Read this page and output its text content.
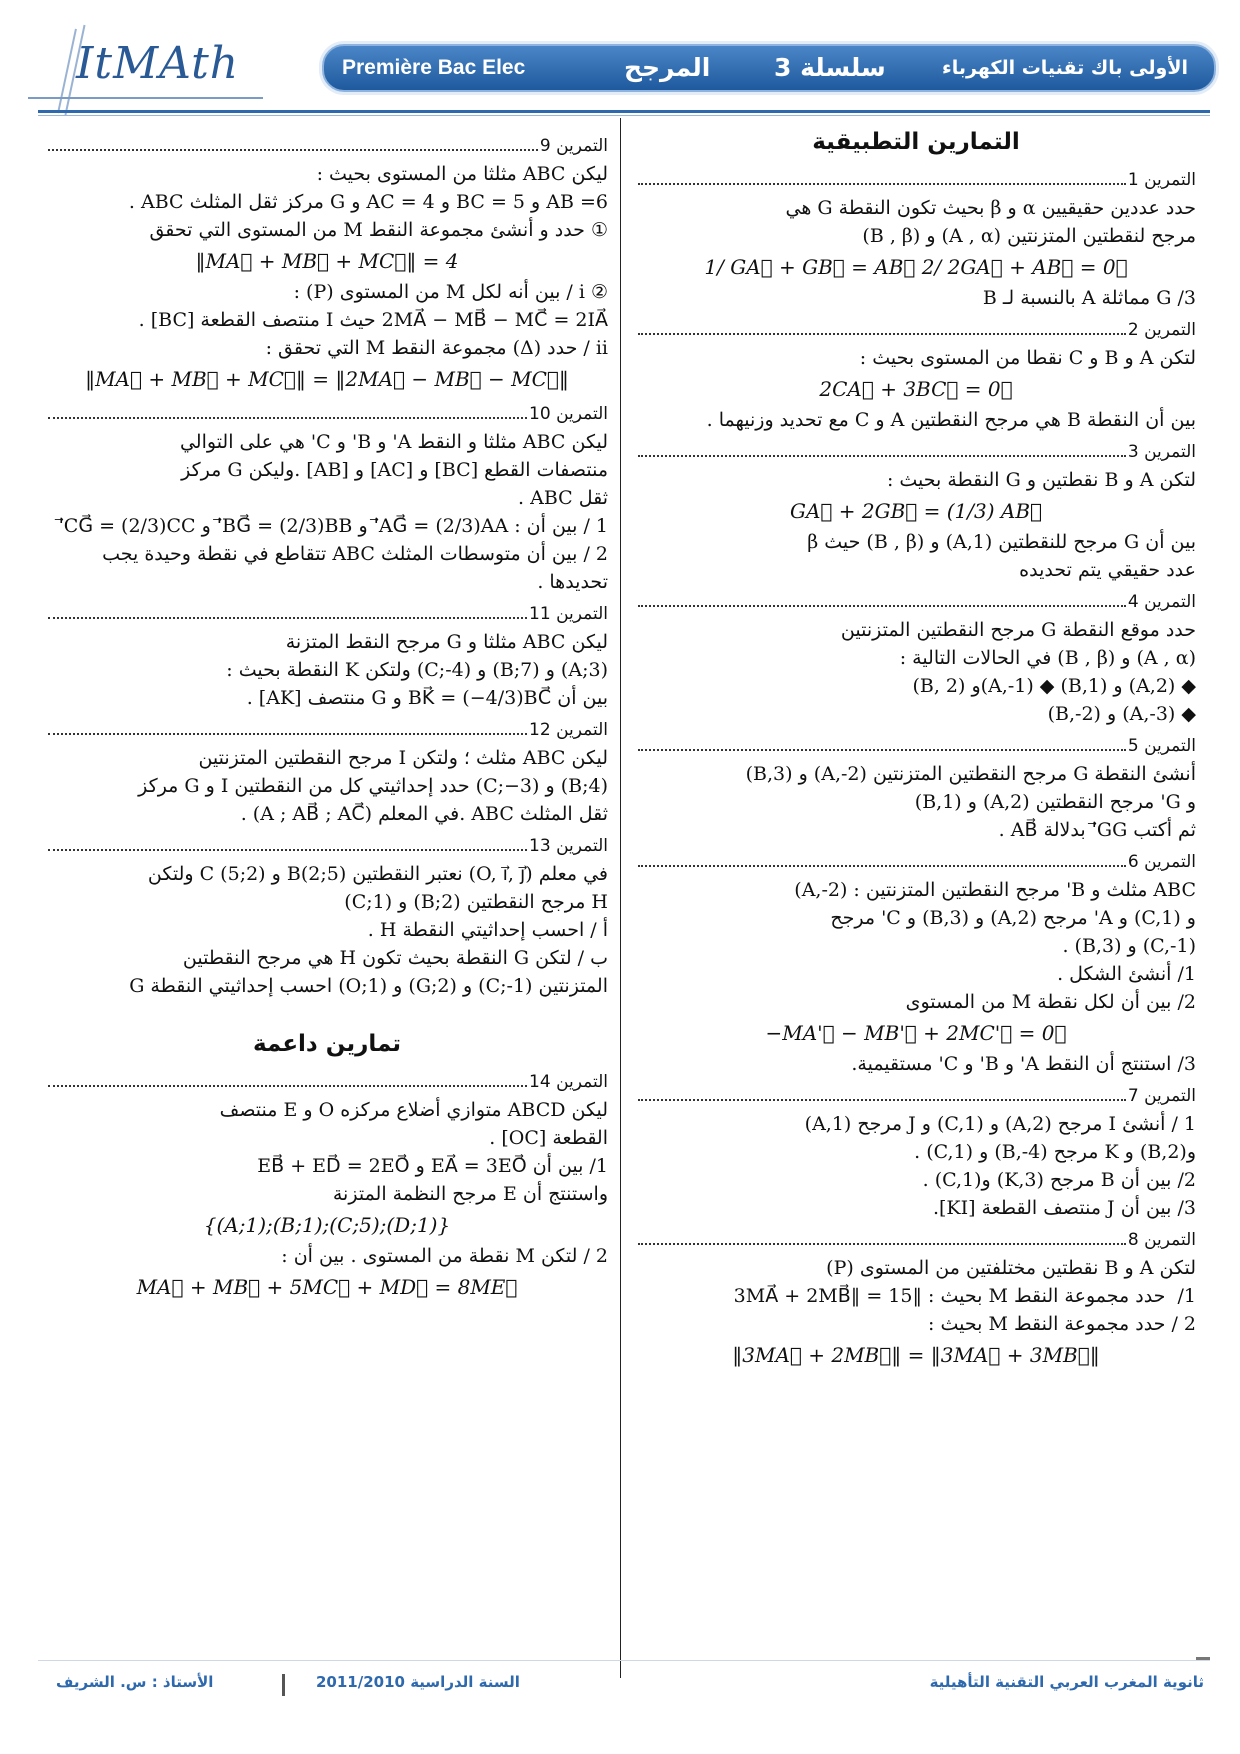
ItMAth	Première Bac Elec	المرجح	سلسلة 3	الأولى باك تقنيات الكهرباء
التمارين التطبيقية
التمرين 1
حدد عددين حقيقيين α و β بحيث تكون النقطة G هي
مرجح لنقطتين المتزنتين (A , α) و (B , β)
1/ GA⃗ + GB⃗ = AB⃗ 2/ 2GA⃗ + AB⃗ = 0⃗
3/ G مماثلة A بالنسبة لـ B
التمرين 2
لتكن A و B و C نقطا من المستوى بحيث :
2CA⃗ + 3BC⃗ = 0⃗
بين أن النقطة B هي مرجح النقطتين A و C مع تحديد وزنيهما .
التمرين 3
لتكن A و B نقطتين و G النقطة بحيث :
GA⃗ + 2GB⃗ = (1/3) AB⃗
بين أن G مرجح للنقطتين (A,1) و (B , β) حيث β
عدد حقيقي يتم تحديده
التمرين 4
حدد موقع النقطة G مرجح النقطتين المتزنتين
(A , α) و (B , β) في الحالات التالية :
◆ (A,2) و (B,1) ◆ (A,-1)و (B, 2)
◆ (A,-3) و (B,-2)
التمرين 5
أنشئ النقطة G مرجح النقطتين المتزنتين (A,-2) و (B,3)
و G' مرجح النقطتين (A,2) و (B,1)
ثم أكتب GG'⃗ بدلالة AB⃗ .
التمرين 6
ABC مثلث و B' مرجح النقطتين المتزنتين : (A,-2)
و (C,1) و A' مرجح (A,2) و (B,3) و C' مرجح
(C,-1) و (B,3) .
1/ أنشئ الشكل .
2/ بين أن لكل نقطة M من المستوى
−MA'⃗ − MB'⃗ + 2MC'⃗ = 0⃗
3/ استنتج أن النقط A' و B' و C' مستقيمية.
التمرين 7
1 / أنشئ I مرجح (A,2) و (C,1) و J مرجح (A,1)
و(B,2) و K مرجح (B,-4) و (C,1) .
2/ بين أن B مرجح (K,3) و(C,1) .
3/ بين أن J منتصف القطعة [KI].
التمرين 8
لتكن A و B نقطتين مختلفتين من المستوى (P)
1/  حدد مجموعة النقط M بحيث : ‖3MA⃗ + 2MB⃗‖ = 15
2 / حدد مجموعة النقط M بحيث :
‖3MA⃗ + 2MB⃗‖ = ‖3MA⃗ + 3MB⃗‖
التمرين 9
ليكن ABC مثلثا من المستوى بحيث :
AB =6 و BC = 5 و AC = 4 و G مركز ثقل المثلث ABC .
① حدد و أنشئ مجموعة النقط M من المستوى التي تحقق
‖MA⃗ + MB⃗ + MC⃗‖ = 4
② i / بين أنه لكل M من المستوى (P) :
2MA⃗ − MB⃗ − MC⃗ = 2IA⃗ حيث I منتصف القطعة [BC] .
ii / حدد (Δ) مجموعة النقط M التي تحقق :
‖MA⃗ + MB⃗ + MC⃗‖ = ‖2MA⃗ − MB⃗ − MC⃗‖
التمرين 10
ليكن ABC مثلثا و النقط A' و B' و C' هي على التوالي
منتصفات القطع [BC] و [AC] و [AB] .وليكن G مركز
ثقل ABC .
1 / بين أن : AG⃗ = (2/3)AA'⃗ و BG⃗ = (2/3)BB'⃗ و CG⃗ = (2/3)CC'⃗
2 / بين أن متوسطات المثلث ABC تتقاطع في نقطة وحيدة يجب تحديدها .
التمرين 11
ليكن ABC مثلثا و G مرجح النقط المتزنة
(A;3) و (B;7) و (C;-4) ولتكن K النقطة بحيث :
بين أن BK⃗ = (−4/3)BC⃗ و G منتصف [AK] .
التمرين 12
ليكن ABC مثلث ؛ ولتكن I مرجح النقطتين المتزنتين
(B;4) و (C;−3) حدد إحداثيتي كل من النقطتين I و G مركز
ثقل المثلث ABC .في المعلم (A ; AB⃗ ; AC⃗) .
التمرين 13
في معلم (O, i⃗, j⃗) نعتبر النقطتين B(2;5) و C (5;2) ولتكن
H مرجح النقطتين (B;2) و (C;1)
أ / احسب إحداثيتي النقطة H .
ب / لتكن G النقطة بحيث تكون H هي مرجح النقطتين
المتزنتين (C;-1) و (G;2) و (O;1) احسب إحداثيتي النقطة G
تمارين داعمة
التمرين 14
ليكن ABCD متوازي أضلاع مركزه O و E منتصف
القطعة [OC] .
1/ بين أن EA⃗ = 3EO⃗ و EB⃗ + ED⃗ = 2EO⃗
واستنتج أن E مرجح النظمة المتزنة
{(A;1);(B;1);(C;5);(D;1)}
2 / لتكن M نقطة من المستوى . بين أن :
MA⃗ + MB⃗ + 5MC⃗ + MD⃗ = 8ME⃗
ثانوية المغرب العربي التقنية التأهيلية
السنة الدراسية 2011/2010
الأستاذ : س. الشريف
